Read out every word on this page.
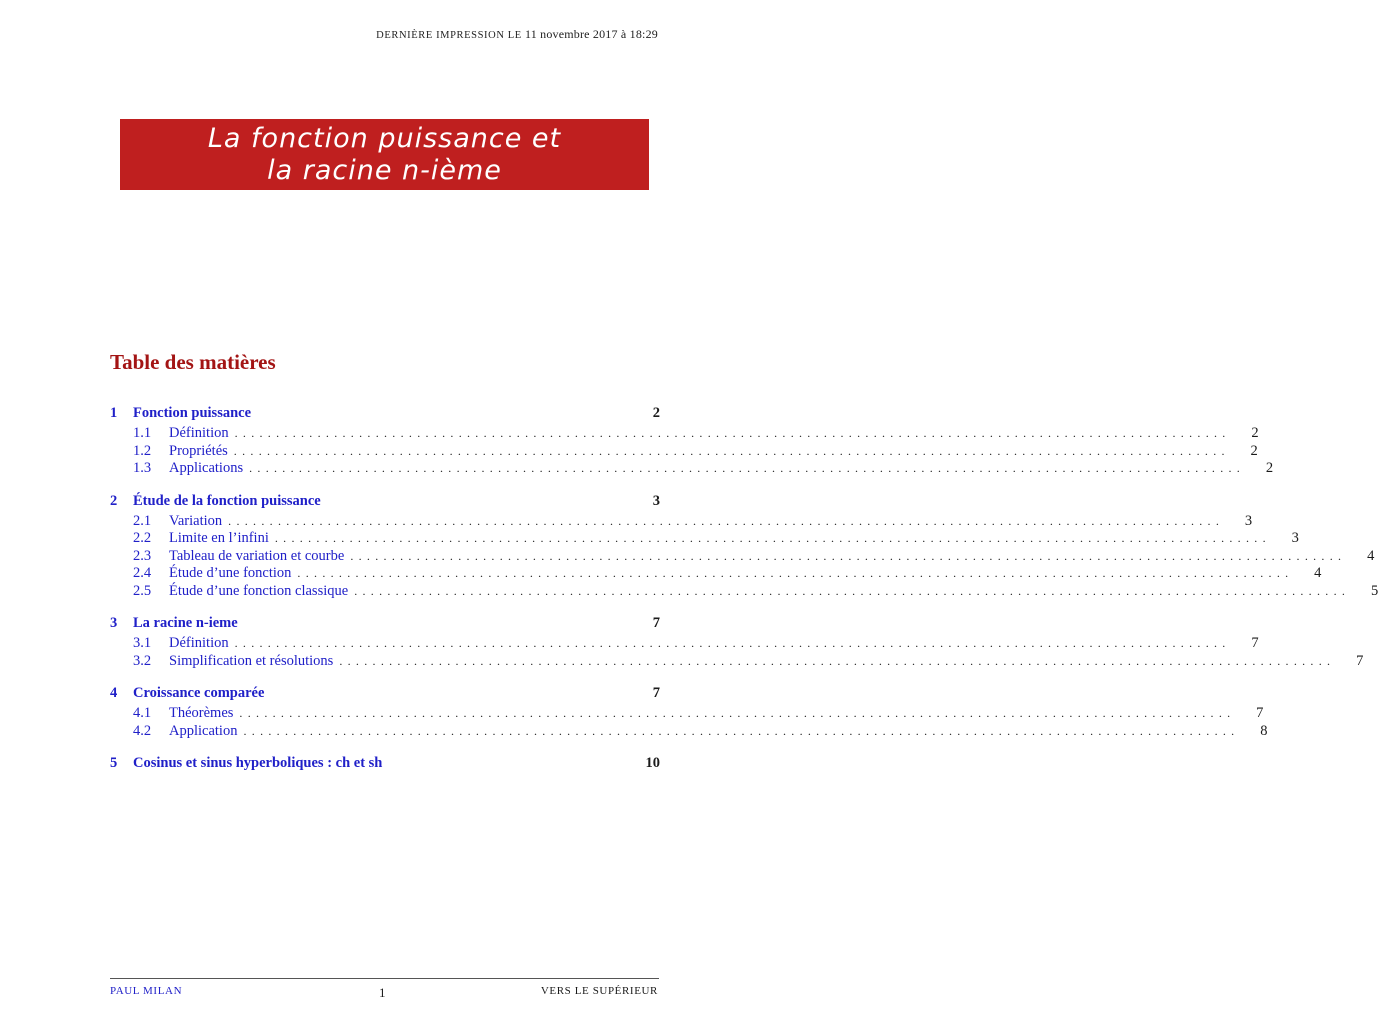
DERNIÈRE IMPRESSION LE 11 novembre 2017 à 18:29
La fonction puissance et
la racine n-ième
Table des matières
1	Fonction puissance	2
1.1	Définition ........................................................................................................................	2
1.2	Propriétés ........................................................................................................................	2
1.3	Applications ........................................................................................................................	2
2	Étude de la fonction puissance	3
2.1	Variation ........................................................................................................................	3
2.2	Limite en l’infini ........................................................................................................................	3
2.3	Tableau de variation et courbe ........................................................................................................................	4
2.4	Étude d’une fonction ........................................................................................................................	4
2.5	Étude d’une fonction classique ........................................................................................................................	5
3	La racine n-ieme	7
3.1	Définition ........................................................................................................................	7
3.2	Simplification et résolutions ........................................................................................................................	7
4	Croissance comparée	7
4.1	Théorèmes ........................................................................................................................	7
4.2	Application ........................................................................................................................	8
5	Cosinus et sinus hyperboliques : ch et sh	10
PAUL MILAN	1	VERS LE SUPÉRIEUR
